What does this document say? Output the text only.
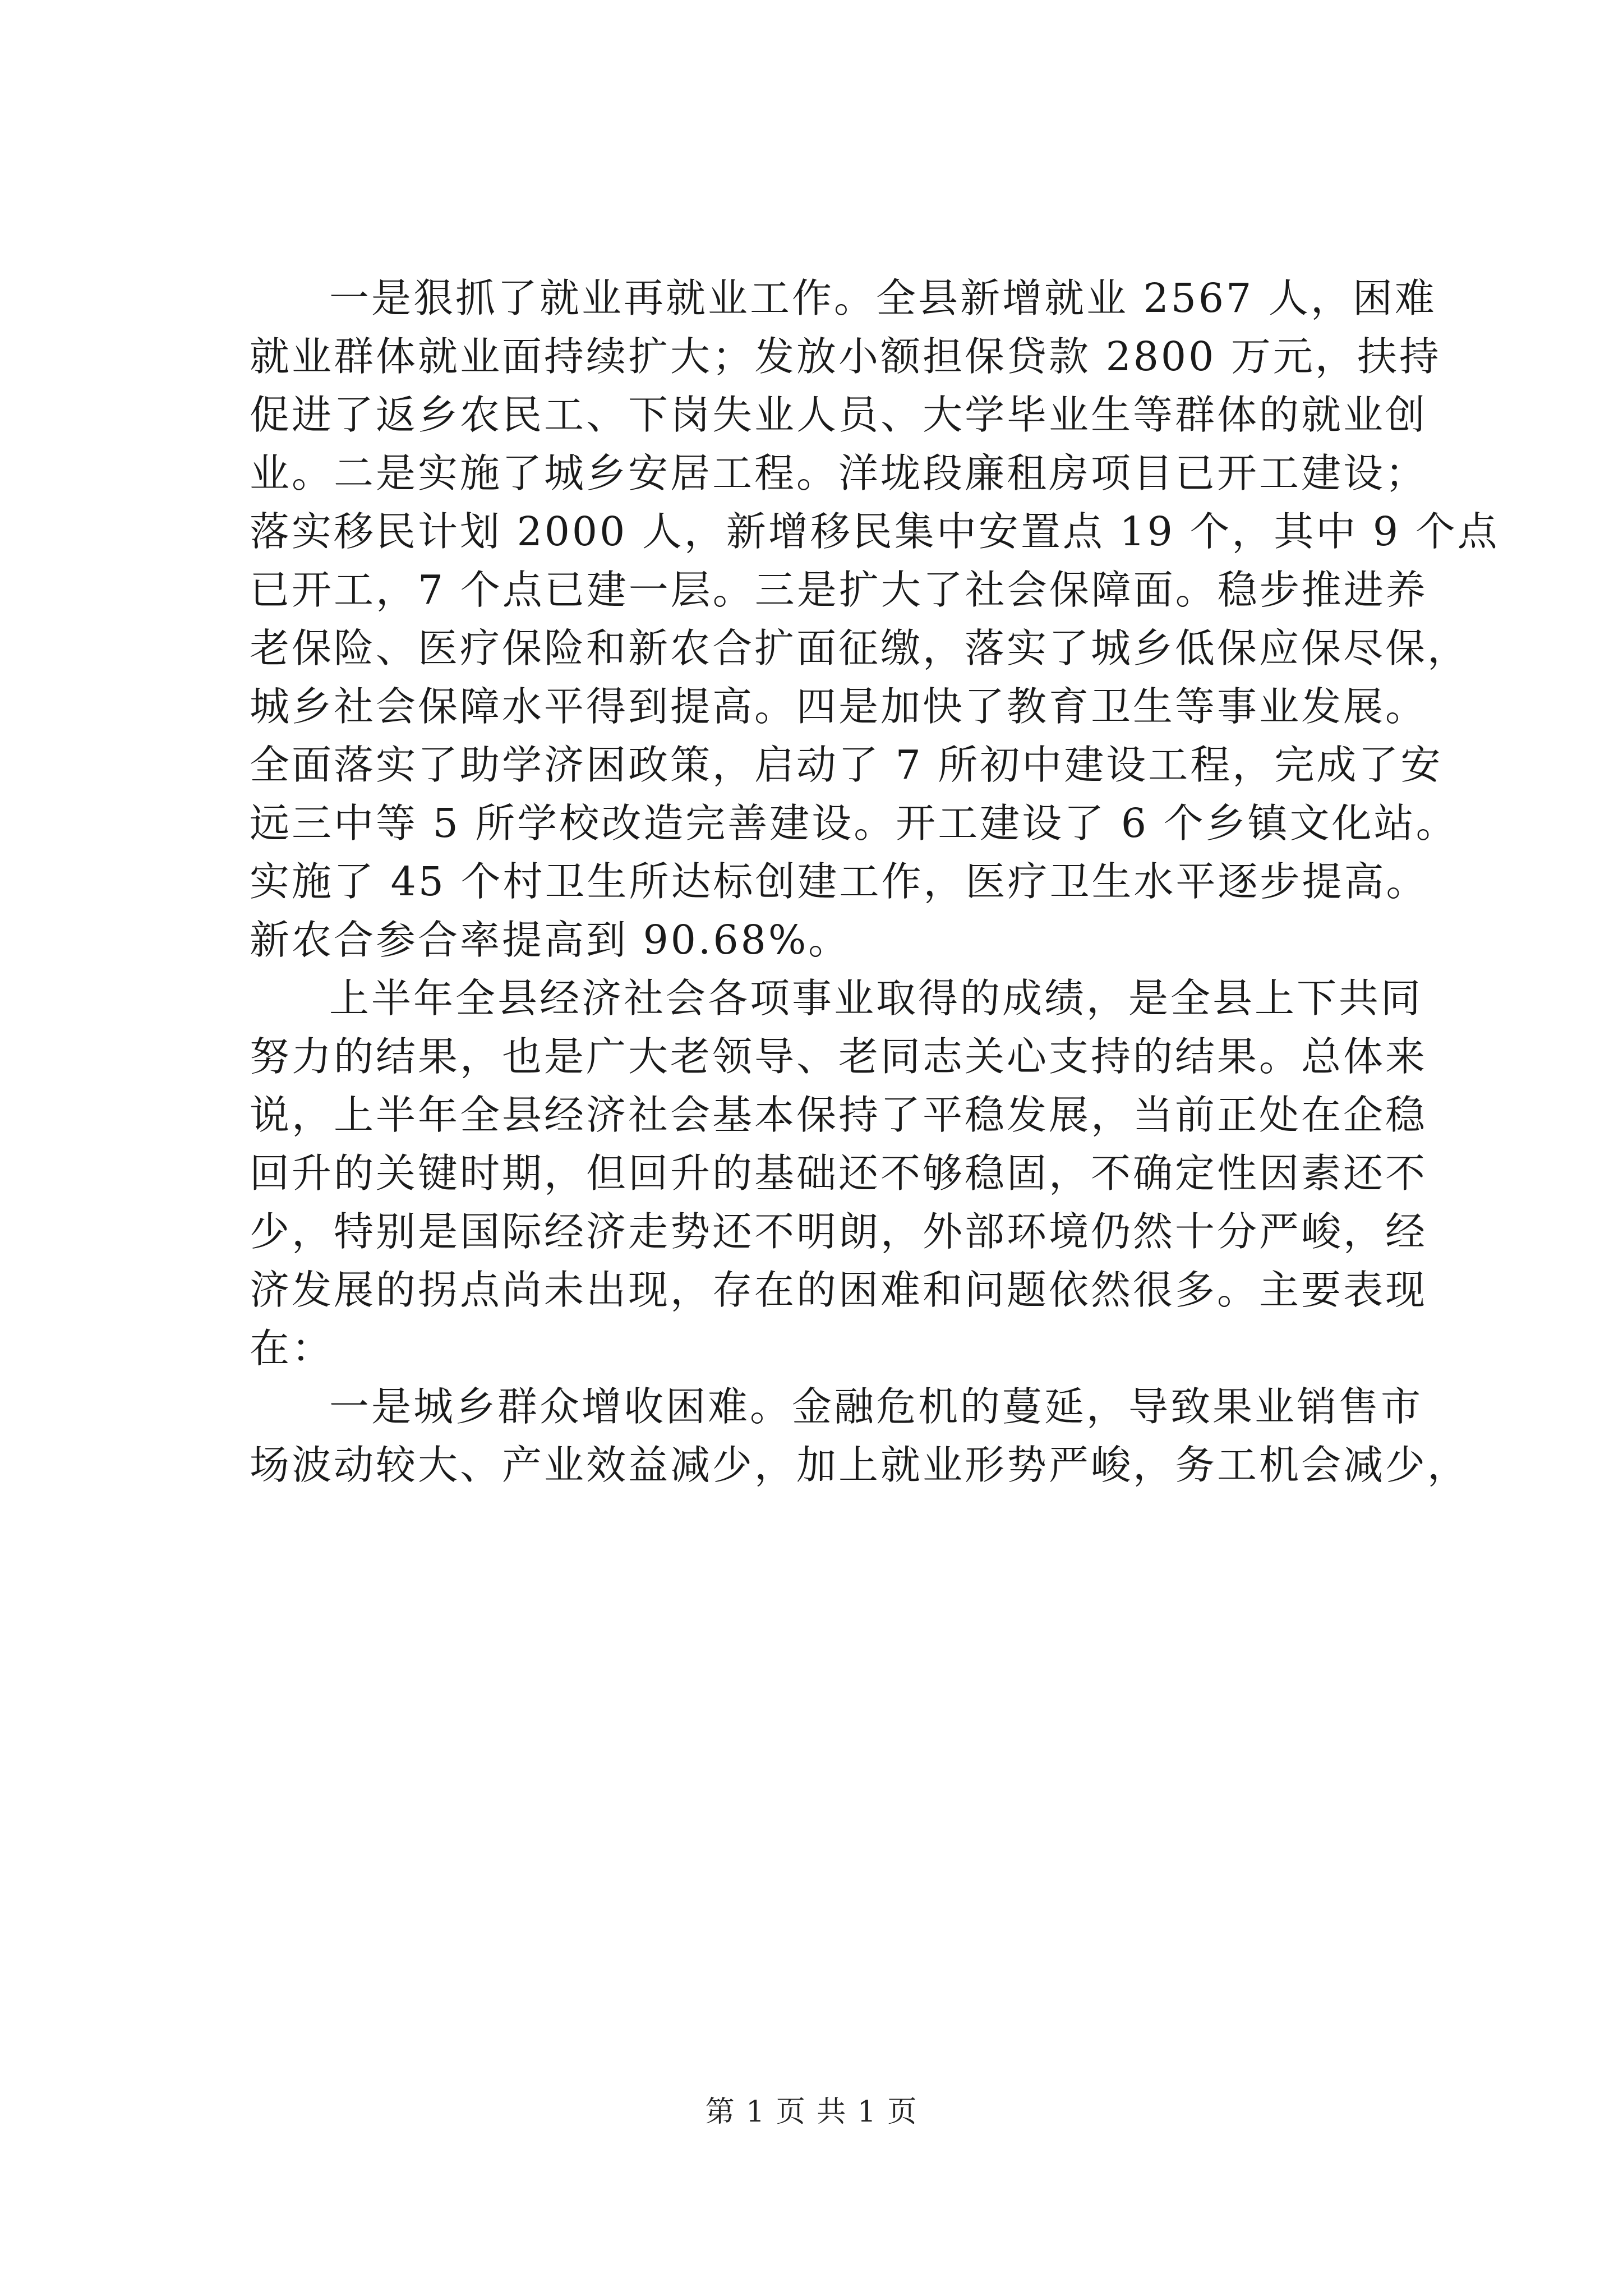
一是狠抓了就业再就业工作。全县新增就业 2567 人，困难
就业群体就业面持续扩大；发放小额担保贷款 2800 万元，扶持
促进了返乡农民工、下岗失业人员、大学毕业生等群体的就业创
业。二是实施了城乡安居工程。洋垅段廉租房项目已开工建设；
落实移民计划 2000 人，新增移民集中安置点 19 个，其中 9 个点
已开工，7 个点已建一层。三是扩大了社会保障面。稳步推进养
老保险、医疗保险和新农合扩面征缴，落实了城乡低保应保尽保，
城乡社会保障水平得到提高。四是加快了教育卫生等事业发展。
全面落实了助学济困政策，启动了 7 所初中建设工程，完成了安
远三中等 5 所学校改造完善建设。开工建设了 6 个乡镇文化站。
实施了 45 个村卫生所达标创建工作，医疗卫生水平逐步提高。
新农合参合率提高到 90.68%。
上半年全县经济社会各项事业取得的成绩，是全县上下共同
努力的结果，也是广大老领导、老同志关心支持的结果。总体来
说，上半年全县经济社会基本保持了平稳发展，当前正处在企稳
回升的关键时期，但回升的基础还不够稳固，不确定性因素还不
少，特别是国际经济走势还不明朗，外部环境仍然十分严峻，经
济发展的拐点尚未出现，存在的困难和问题依然很多。主要表现
在：
一是城乡群众增收困难。金融危机的蔓延，导致果业销售市
场波动较大、产业效益减少，加上就业形势严峻，务工机会减少，
第 1 页 共 1 页
